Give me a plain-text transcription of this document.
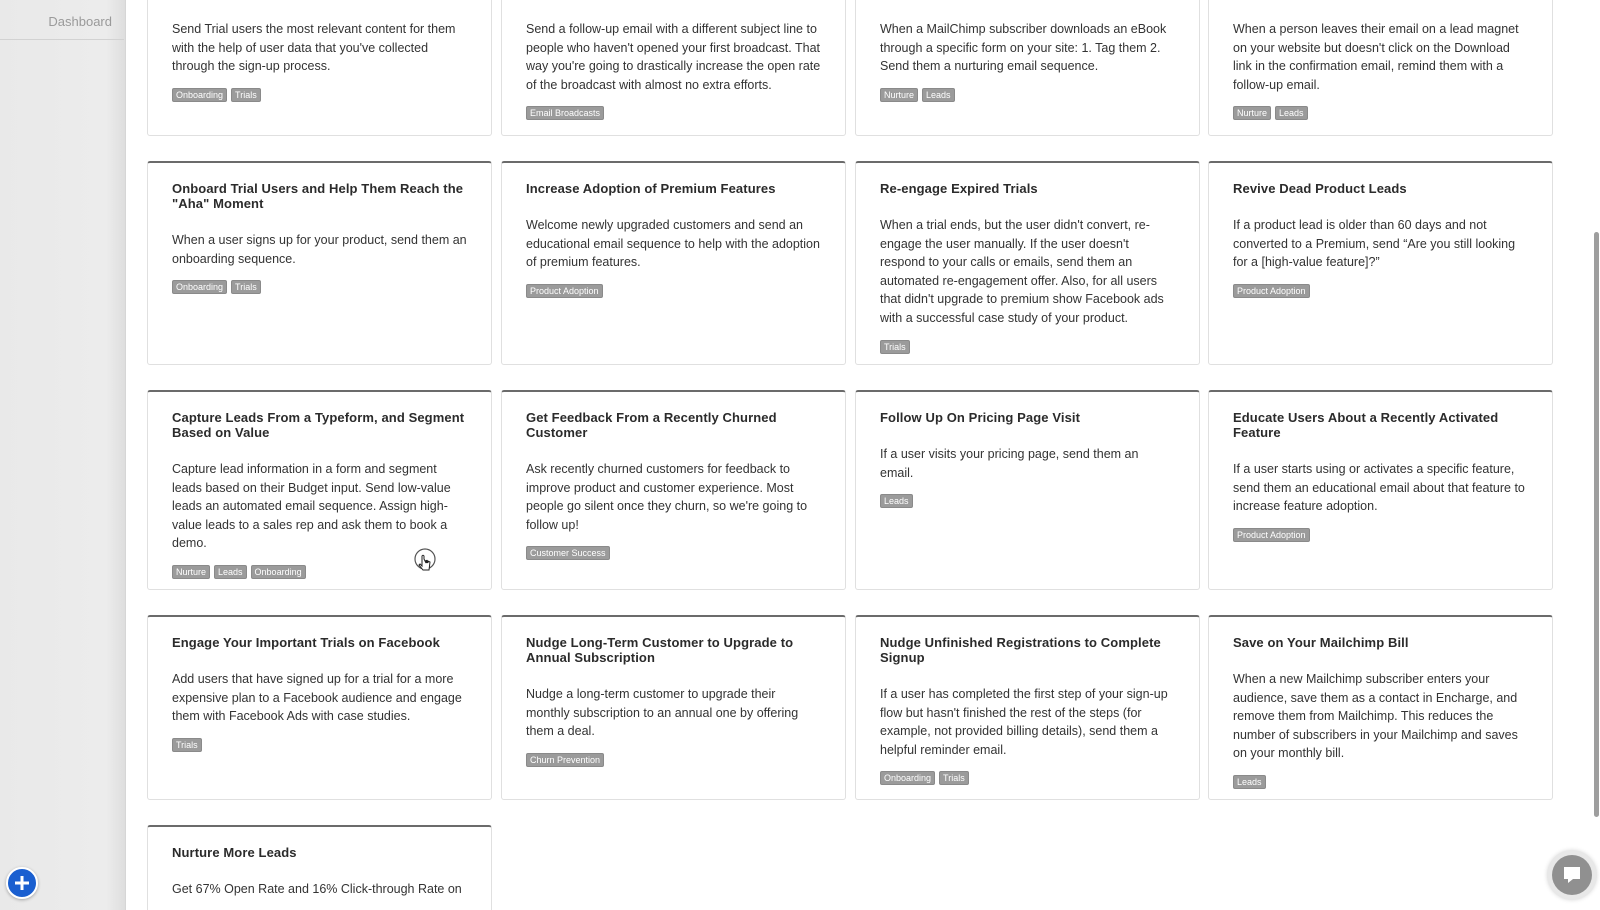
Dashboard	Send Trial users the most relevant content for them with the help of user data that you've collected through the sign-up process.

Onboarding	Trials

Send a follow-up email with a different subject line to people who haven't opened your first broadcast. That way you're going to drastically increase the open rate of the broadcast with almost no extra efforts.

Email Broadcasts

When a MailChimp subscriber downloads an eBook through a specific form on your site: 1. Tag them 2. Send them a nurturing email sequence.

Nurture	Leads

When a person leaves their email on a lead magnet on your website but doesn't click on the Download link in the confirmation email, remind them with a follow-up email.

Nurture	Leads
Onboard Trial Users and Help Them Reach the "Aha" Moment

When a user signs up for your product, send them an onboarding sequence.

Onboarding	Trials
Increase Adoption of Premium Features

Welcome newly upgraded customers and send an educational email sequence to help with the adoption of premium features.

Product Adoption
Re-engage Expired Trials

When a trial ends, but the user didn't convert, re-engage the user manually. If the user doesn't respond to your calls or emails, send them an automated re-engagement offer. Also, for all users that didn't upgrade to premium show Facebook ads with a successful case study of your product.

Trials
Revive Dead Product Leads

If a product lead is older than 60 days and not converted to a Premium, send “Are you still looking for a [high-value feature]?”

Product Adoption
Capture Leads From a Typeform, and Segment Based on Value

Capture lead information in a form and segment leads based on their Budget input. Send low-value leads an automated email sequence. Assign high-value leads to a sales rep and ask them to book a demo.

Nurture	Leads	Onboarding
Get Feedback From a Recently Churned Customer

Ask recently churned customers for feedback to improve product and customer experience. Most people go silent once they churn, so we're going to follow up!

Customer Success
Follow Up On Pricing Page Visit

If a user visits your pricing page, send them an email.

Leads
Educate Users About a Recently Activated Feature

If a user starts using or activates a specific feature, send them an educational email about that feature to increase feature adoption.

Product Adoption
Engage Your Important Trials on Facebook

Add users that have signed up for a trial for a more expensive plan to a Facebook audience and engage them with Facebook Ads with case studies.

Trials
Nudge Long-Term Customer to Upgrade to Annual Subscription

Nudge a long-term customer to upgrade their monthly subscription to an annual one by offering them a deal.

Churn Prevention
Nudge Unfinished Registrations to Complete Signup

If a user has completed the first step of your sign-up flow but hasn't finished the rest of the steps (for example, not provided billing details), send them a helpful reminder email.

Onboarding	Trials
Save on Your Mailchimp Bill

When a new Mailchimp subscriber enters your audience, save them as a contact in Encharge, and remove them from Mailchimp. This reduces the number of subscribers in your Mailchimp and saves on your monthly bill.

Leads
Nurture More Leads

Get 67% Open Rate and 16% Click-through Rate on
